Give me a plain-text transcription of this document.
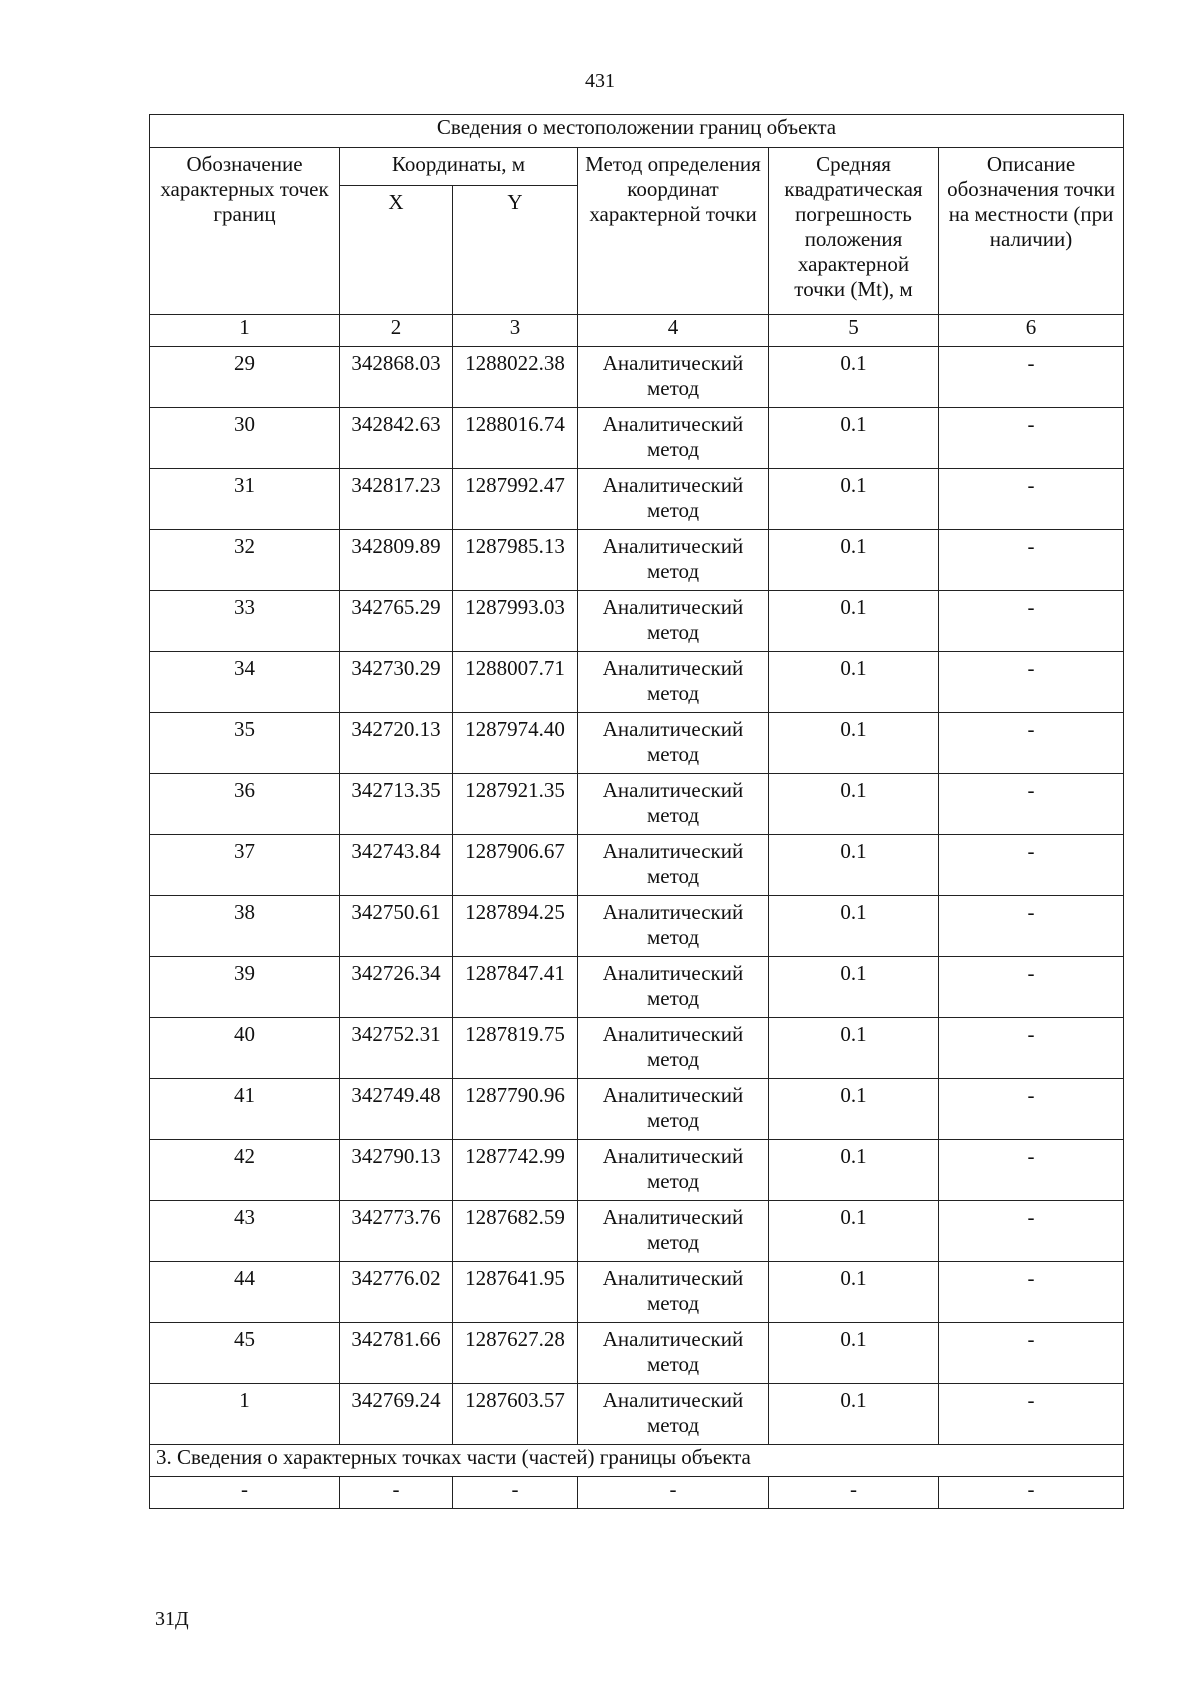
431
Сведения о местоположении границ объекта					
Обозначение характерных точек границ	Координаты, м		Метод определения координат характерной точки	Средняя квадратическая погрешность положения характерной точки (Mt), м	Описание обозначения точки на местности (при наличии)
	X	Y			
1	2	3	4	5	6
29	342868.03	1288022.38	Аналитический метод	0.1	-
30	342842.63	1288016.74	Аналитический метод	0.1	-
31	342817.23	1287992.47	Аналитический метод	0.1	-
32	342809.89	1287985.13	Аналитический метод	0.1	-
33	342765.29	1287993.03	Аналитический метод	0.1	-
34	342730.29	1288007.71	Аналитический метод	0.1	-
35	342720.13	1287974.40	Аналитический метод	0.1	-
36	342713.35	1287921.35	Аналитический метод	0.1	-
37	342743.84	1287906.67	Аналитический метод	0.1	-
38	342750.61	1287894.25	Аналитический метод	0.1	-
39	342726.34	1287847.41	Аналитический метод	0.1	-
40	342752.31	1287819.75	Аналитический метод	0.1	-
41	342749.48	1287790.96	Аналитический метод	0.1	-
42	342790.13	1287742.99	Аналитический метод	0.1	-
43	342773.76	1287682.59	Аналитический метод	0.1	-
44	342776.02	1287641.95	Аналитический метод	0.1	-
45	342781.66	1287627.28	Аналитический метод	0.1	-
1	342769.24	1287603.57	Аналитический метод	0.1	-
3. Сведения о характерных точках части (частей) границы объекта					
-	-	-	-	-	-
31Д
